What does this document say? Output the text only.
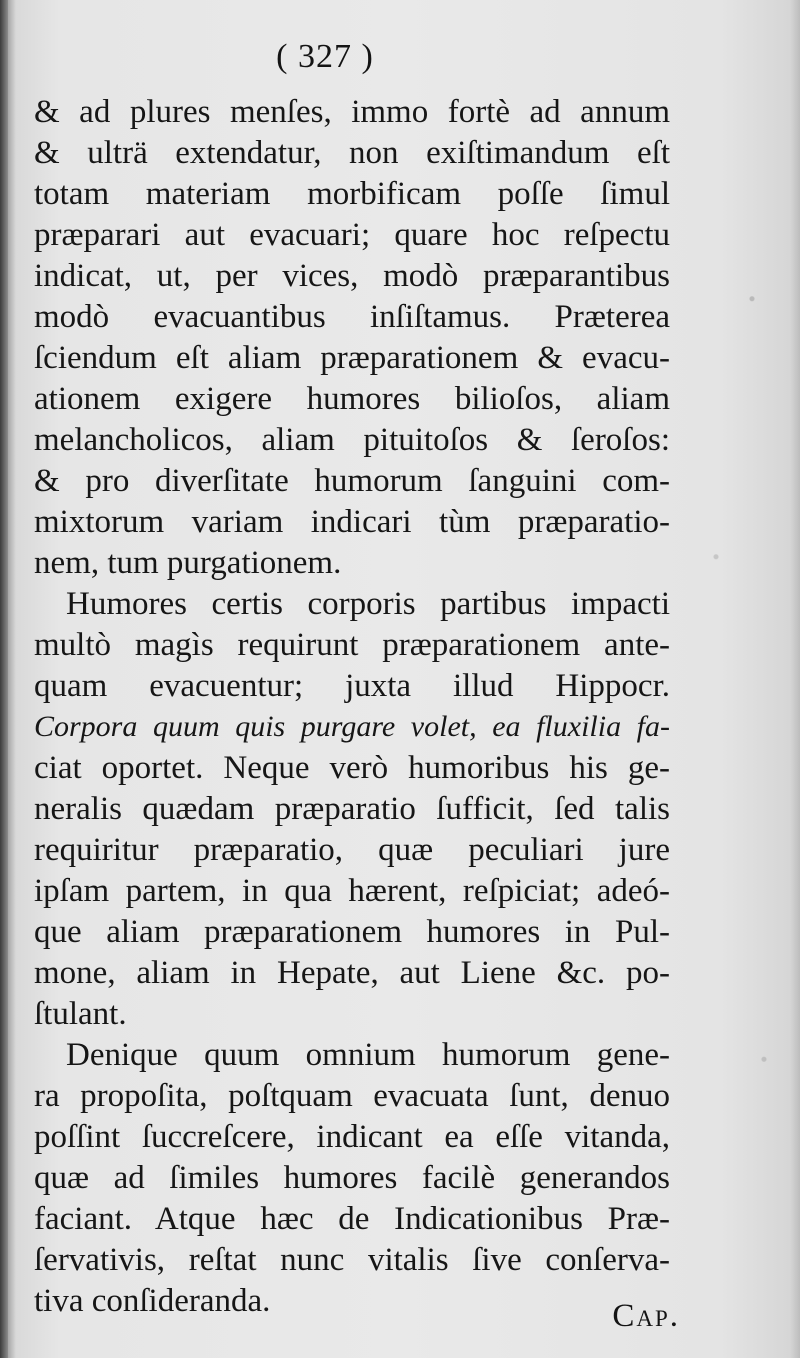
( 327 )
& ad plures menſes, immo fortè ad annum
& ulträ extendatur, non exiſtimandum eſt
totam materiam morbificam poſſe ſimul
præparari aut evacuari; quare hoc reſpectu
indicat, ut, per vices, modò præparantibus
modò evacuantibus inſiſtamus. Præterea
ſciendum eſt aliam præparationem & evacu-
ationem exigere humores bilioſos, aliam
melancholicos, aliam pituitoſos & ſeroſos:
& pro diverſitate humorum ſanguini com-
mixtorum variam indicari tùm præparatio-
nem, tum purgationem.
Humores certis corporis partibus impacti
multò magìs requirunt præparationem ante-
quam evacuentur; juxta illud Hippocr.
Corpora quum quis purgare volet, ea fluxilia fa-
ciat oportet. Neque verò humoribus his ge-
neralis quædam præparatio ſufficit, ſed talis
requiritur præparatio, quæ peculiari jure
ipſam partem, in qua hærent, reſpiciat; adeó-
que aliam præparationem humores in Pul-
mone, aliam in Hepate, aut Liene &c. po-
ſtulant.
Denique quum omnium humorum gene-
ra propoſita, poſtquam evacuata ſunt, denuo
poſſint ſuccreſcere, indicant ea eſſe vitanda,
quæ ad ſimiles humores facilè generandos
faciant. Atque hæc de Indicationibus Præ-
ſervativis, reſtat nunc vitalis ſive conſerva-
tiva conſideranda.	Cap.
